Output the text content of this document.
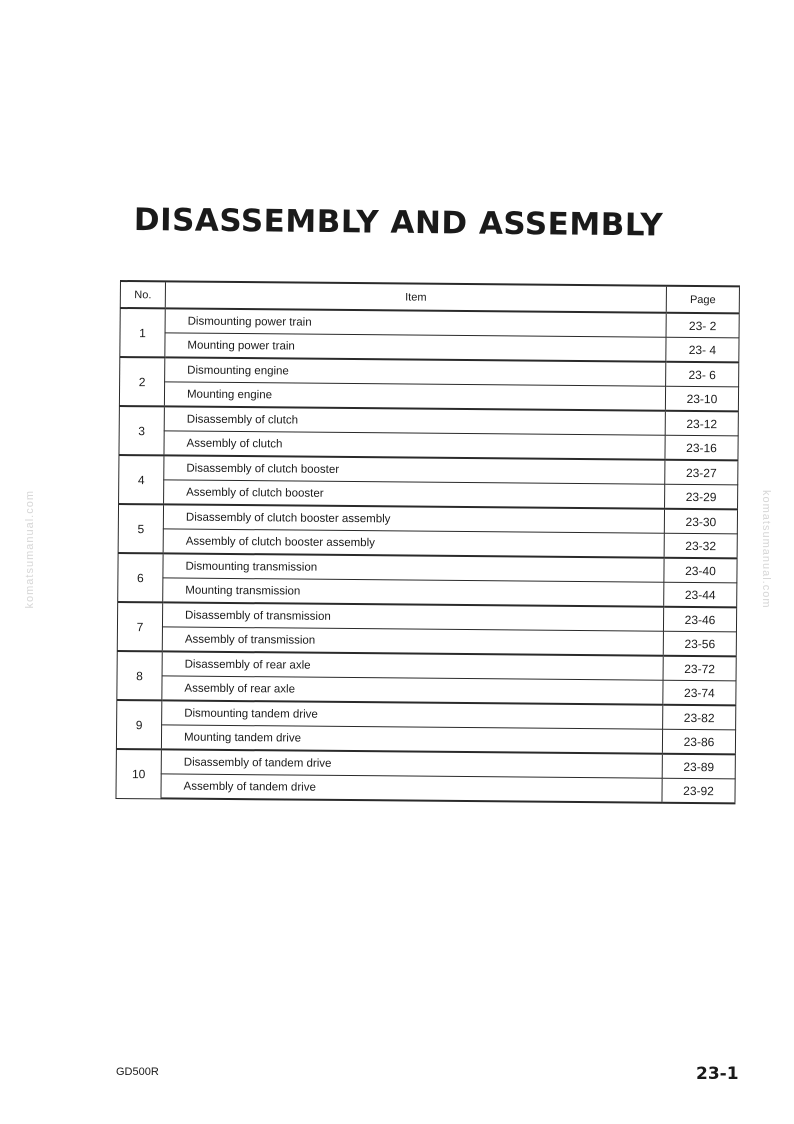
komatsumanual.com	komatsumanual.com
DISASSEMBLY AND ASSEMBLY
No.	Item	Page
1	Dismounting power train	23- 2
	Mounting power train	23- 4
2	Dismounting engine	23- 6
	Mounting engine	23-10
3	Disassembly of clutch	23-12
	Assembly of clutch	23-16
4	Disassembly of clutch booster	23-27
	Assembly of clutch booster	23-29
5	Disassembly of clutch booster assembly	23-30
	Assembly of clutch booster assembly	23-32
6	Dismounting transmission	23-40
	Mounting transmission	23-44
7	Disassembly of transmission	23-46
	Assembly of transmission	23-56
8	Disassembly of rear axle	23-72
	Assembly of rear axle	23-74
9	Dismounting tandem drive	23-82
	Mounting tandem drive	23-86
10	Disassembly of tandem drive	23-89
	Assembly of tandem drive	23-92
GD500R	23-1
